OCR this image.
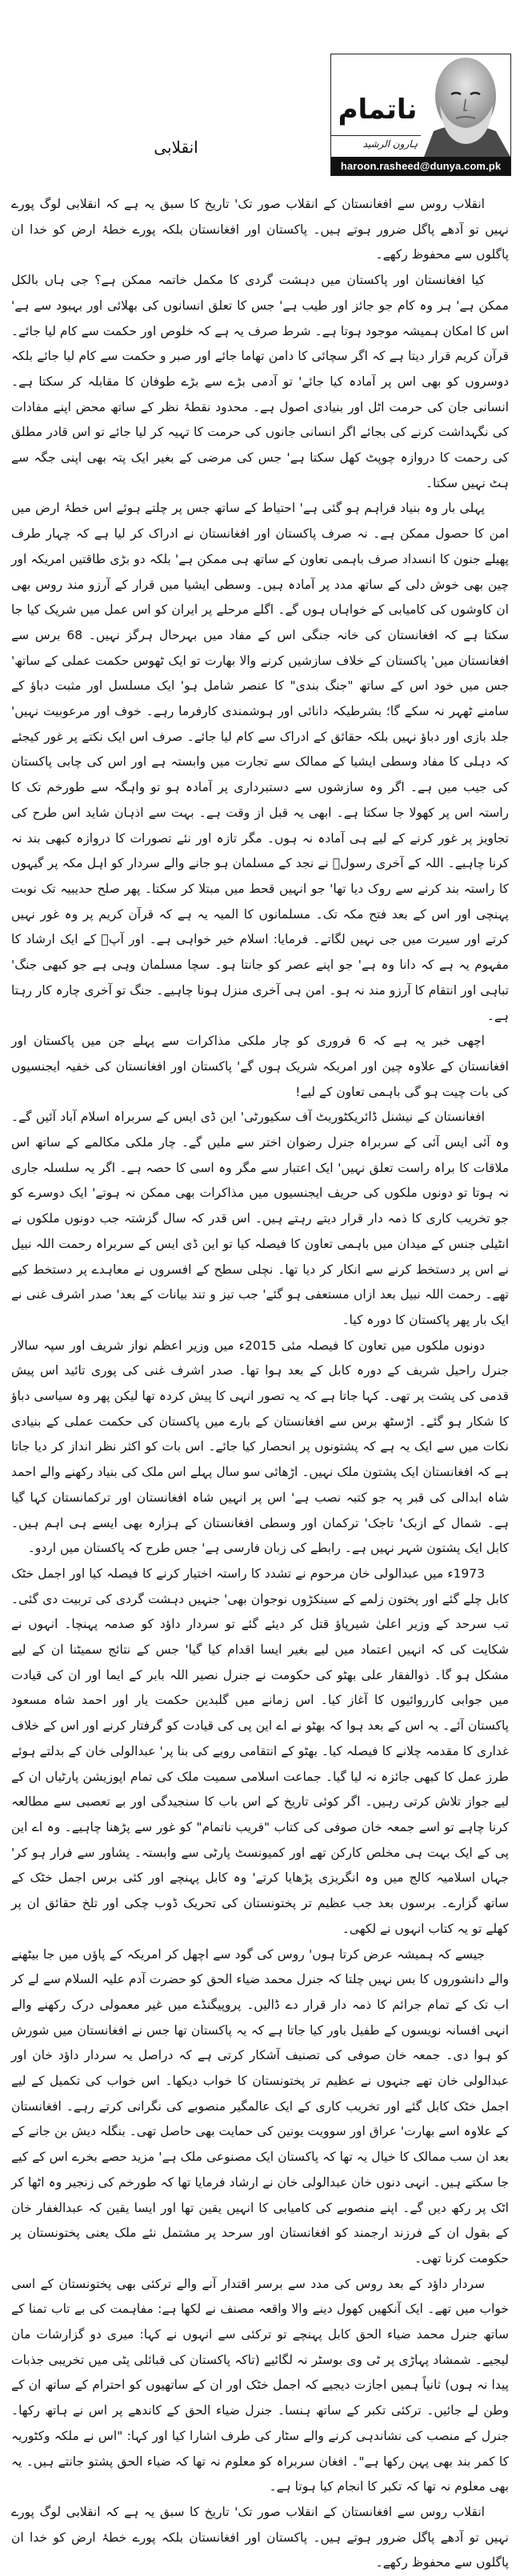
ناتمام
ہارون الرشید
haroon.rasheed@dunya.com.pk
انقلابی

انقلاب روس سے افغانستان کے انقلاب صور تک' تاریخ کا سبق یہ ہے کہ انقلابی لوگ پورے نہیں تو آدھے پاگل ضرور ہوتے ہیں۔ پاکستان اور افغانستان بلکہ پورے خطۂ ارض کو خدا ان پاگلوں سے محفوظ رکھے۔

کیا افغانستان اور پاکستان میں دہشت گردی کا مکمل خاتمہ ممکن ہے؟ جی ہاں بالکل ممکن ہے' ہر وہ کام جو جائز اور طیب ہے' جس کا تعلق انسانوں کی بھلائی اور بہبود سے ہے' اس کا امکان ہمیشہ موجود ہوتا ہے۔ شرط صرف یہ ہے کہ خلوص اور حکمت سے کام لیا جائے۔ قرآن کریم قرار دیتا ہے کہ اگر سچائی کا دامن تھاما جائے اور صبر و حکمت سے کام لیا جائے بلکہ دوسروں کو بھی اس پر آمادہ کیا جائے' تو آدمی بڑے سے بڑے طوفان کا مقابلہ کر سکتا ہے۔ انسانی جان کی حرمت اٹل اور بنیادی اصول ہے۔ محدود نقطۂ نظر کے ساتھ محض اپنے مفادات کی نگہداشت کرنے کی بجائے اگر انسانی جانوں کی حرمت کا تہیہ کر لیا جائے تو اس قادر مطلق کی رحمت کا دروازہ چوپٹ کھل سکتا ہے' جس کی مرضی کے بغیر ایک پتہ بھی اپنی جگہ سے ہٹ نہیں سکتا۔

پہلی بار وہ بنیاد فراہم ہو گئی ہے' احتیاط کے ساتھ جس پر چلتے ہوئے اس خطۂ ارض میں امن کا حصول ممکن ہے۔ نہ صرف پاکستان اور افغانستان نے ادراک کر لیا ہے کہ چہار طرف پھیلے جنون کا انسداد صرف باہمی تعاون کے ساتھ ہی ممکن ہے' بلکہ دو بڑی طاقتیں امریکہ اور چین بھی خوش دلی کے ساتھ مدد پر آمادہ ہیں۔ وسطی ایشیا میں قرار کے آرزو مند روس بھی ان کاوشوں کی کامیابی کے خواہاں ہوں گے۔ اگلے مرحلے پر ایران کو اس عمل میں شریک کیا جا سکتا ہے کہ افغانستان کی خانہ جنگی اس کے مفاد میں بہرحال ہرگز نہیں۔ 68 برس سے افغانستان میں' پاکستان کے خلاف سازشیں کرنے والا بھارت تو ایک ٹھوس حکمت عملی کے ساتھ' جس میں خود اس کے ساتھ "جنگ بندی" کا عنصر شامل ہو' ایک مسلسل اور مثبت دباؤ کے سامنے ٹھہر نہ سکے گا؛ بشرطیکہ دانائی اور ہوشمندی کارفرما رہے۔ خوف اور مرعوبیت نہیں' جلد بازی اور دباؤ نہیں بلکہ حقائق کے ادراک سے کام لیا جائے۔ صرف اس ایک نکتے پر غور کیجئے کہ دہلی کا مفاد وسطی ایشیا کے ممالک سے تجارت میں وابستہ ہے اور اس کی چابی پاکستان کی جیب میں ہے۔ اگر وہ سازشوں سے دستبرداری پر آمادہ ہو تو واہگہ سے طورخم تک کا راستہ اس پر کھولا جا سکتا ہے۔ ابھی یہ قبل از وقت ہے۔ بہت سے اذہان شاید اس طرح کی تجاویز پر غور کرنے کے لیے ہی آمادہ نہ ہوں۔ مگر تازہ اور نئے تصورات کا دروازہ کبھی بند نہ کرنا چاہیے۔ اللہ کے آخری رسولؐ نے نجد کے مسلمان ہو جانے والے سردار کو اہل مکہ پر گیہوں کا راستہ بند کرنے سے روک دیا تھا' جو انہیں قحط میں مبتلا کر سکتا۔ پھر صلح حدیبیہ تک نوبت پہنچی اور اس کے بعد فتح مکہ تک۔ مسلمانوں کا المیہ یہ ہے کہ قرآن کریم پر وہ غور نہیں کرتے اور سیرت میں جی نہیں لگاتے۔ فرمایا: اسلام خیر خواہی ہے۔ اور آپؐ کے ایک ارشاد کا مفہوم یہ ہے کہ دانا وہ ہے' جو اپنے عصر کو جانتا ہو۔ سچا مسلمان وہی ہے جو کبھی جنگ' تباہی اور انتقام کا آرزو مند نہ ہو۔ امن ہی آخری منزل ہونا چاہیے۔ جنگ تو آخری چارہ کار رہتا ہے۔

اچھی خبر یہ ہے کہ 6 فروری کو چار ملکی مذاکرات سے پہلے جن میں پاکستان اور افغانستان کے علاوہ چین اور امریکہ شریک ہوں گے' پاکستان اور افغانستان کی خفیہ ایجنسیوں کی بات چیت ہو گی باہمی تعاون کے لیے!

افغانستان کے نیشنل ڈائریکٹوریٹ آف سکیورٹی' این ڈی ایس کے سربراہ اسلام آباد آئیں گے۔ وہ آئی ایس آئی کے سربراہ جنرل رضوان اختر سے ملیں گے۔ چار ملکی مکالمے کے ساتھ اس ملاقات کا براہ راست تعلق نہیں' ایک اعتبار سے مگر وہ اسی کا حصہ ہے۔ اگر یہ سلسلہ جاری نہ ہوتا تو دونوں ملکوں کی حریف ایجنسیوں میں مذاکرات بھی ممکن نہ ہوتے' ایک دوسرے کو جو تخریب کاری کا ذمہ دار قرار دیتے رہتے ہیں۔ اس قدر کہ سال گزشتہ جب دونوں ملکوں نے انٹیلی جنس کے میدان میں باہمی تعاون کا فیصلہ کیا تو این ڈی ایس کے سربراہ رحمت اللہ نبیل نے اس پر دستخط کرنے سے انکار کر دیا تھا۔ نچلی سطح کے افسروں نے معاہدے پر دستخط کیے تھے۔ رحمت اللہ نبیل بعد ازاں مستعفی ہو گئے' جب تیز و تند بیانات کے بعد' صدر اشرف غنی نے ایک بار پھر پاکستان کا دورہ کیا۔

دونوں ملکوں میں تعاون کا فیصلہ مئی 2015ء میں وزیر اعظم نواز شریف اور سپہ سالار جنرل راحیل شریف کے دورہ کابل کے بعد ہوا تھا۔ صدر اشرف غنی کی پوری تائید اس پیش قدمی کی پشت پر تھی۔ کہا جاتا ہے کہ یہ تصور انہی کا پیش کردہ تھا لیکن پھر وہ سیاسی دباؤ کا شکار ہو گئے۔ اڑسٹھ برس سے افغانستان کے بارے میں پاکستان کی حکمت عملی کے بنیادی نکات میں سے ایک یہ ہے کہ پشتونوں پر انحصار کیا جائے۔ اس بات کو اکثر نظر انداز کر دیا جاتا ہے کہ افغانستان ایک پشتون ملک نہیں۔ اڑھائی سو سال پہلے اس ملک کی بنیاد رکھنے والے احمد شاہ ابدالی کی قبر پہ جو کتبہ نصب ہے' اس پر انہیں شاہ افغانستان اور ترکمانستان کہا گیا ہے۔ شمال کے ازبک' تاجک' ترکمان اور وسطی افغانستان کے ہزارہ بھی ایسے ہی اہم ہیں۔ کابل ایک پشتون شہر نہیں ہے۔ رابطے کی زبان فارسی ہے' جس طرح کہ پاکستان میں اردو۔

1973ء میں عبدالولی خان مرحوم نے تشدد کا راستہ اختیار کرنے کا فیصلہ کیا اور اجمل خٹک کابل چلے گئے اور پختون زلمے کے سینکڑوں نوجوان بھی' جنہیں دہشت گردی کی تربیت دی گئی۔ تب سرحد کے وزیر اعلیٰ شیرپاؤ قتل کر دیئے گئے تو سردار داؤد کو صدمہ پہنچا۔ انہوں نے شکایت کی کہ انہیں اعتماد میں لیے بغیر ایسا اقدام کیا گیا' جس کے نتائج سمیٹنا ان کے لیے مشکل ہو گا۔ ذوالفقار علی بھٹو کی حکومت نے جنرل نصیر اللہ بابر کے ایما اور ان کی قیادت میں جوابی کارروائیوں کا آغاز کیا۔ اس زمانے میں گلبدین حکمت یار اور احمد شاہ مسعود پاکستان آئے۔ یہ اس کے بعد ہوا کہ بھٹو نے اے این پی کی قیادت کو گرفتار کرنے اور اس کے خلاف غداری کا مقدمہ چلانے کا فیصلہ کیا۔ بھٹو کے انتقامی رویے کی بنا پر' عبدالولی خان کے بدلتے ہوئے طرز عمل کا کبھی جائزہ نہ لیا گیا۔ جماعت اسلامی سمیت ملک کی تمام اپوزیشن پارٹیاں ان کے لیے جواز تلاش کرتی رہیں۔ اگر کوئی تاریخ کے اس باب کا سنجیدگی اور بے تعصبی سے مطالعہ کرنا چاہے تو اسے جمعہ خان صوفی کی کتاب "فریب ناتمام" کو غور سے پڑھنا چاہیے۔ وہ اے این پی کے ایک بہت ہی مخلص کارکن تھے اور کمیونسٹ پارٹی سے وابستہ۔ پشاور سے فرار ہو کر' جہاں اسلامیہ کالج میں وہ انگریزی پڑھایا کرتے' وہ کابل پہنچے اور کئی برس اجمل خٹک کے ساتھ گزارے۔ برسوں بعد جب عظیم تر پختونستان کی تحریک ڈوب چکی اور تلخ حقائق ان پر کھلے تو یہ کتاب انہوں نے لکھی۔

جیسے کہ ہمیشہ عرض کرتا ہوں' روس کی گود سے اچھل کر امریکہ کے پاؤں میں جا بیٹھنے والے دانشوروں کا بس نہیں چلتا کہ جنرل محمد ضیاء الحق کو حضرت آدم علیہ السلام سے لے کر اب تک کے تمام جرائم کا ذمہ دار قرار دے ڈالیں۔ پروپیگنڈے میں غیر معمولی درک رکھنے والے انہی افسانہ نویسوں کے طفیل باور کیا جاتا ہے کہ یہ پاکستان تھا جس نے افغانستان میں شورش کو ہوا دی۔ جمعہ خان صوفی کی تصنیف آشکار کرتی ہے کہ دراصل یہ سردار داؤد خان اور عبدالولی خان تھے جنہوں نے عظیم تر پختونستان کا خواب دیکھا۔ اس خواب کی تکمیل کے لیے اجمل خٹک کابل گئے اور تخریب کاری کے ایک عالمگیر منصوبے کی نگرانی کرتے رہے۔ افغانستان کے علاوہ اسے بھارت' عراق اور سوویت یونین کی حمایت بھی حاصل تھی۔ بنگلہ دیش بن جانے کے بعد ان سب ممالک کا خیال یہ تھا کہ پاکستان ایک مصنوعی ملک ہے' مزید حصے بخرے اس کے کیے جا سکتے ہیں۔ انہی دنوں خان عبدالولی خان نے ارشاد فرمایا تھا کہ طورخم کی زنجیر وہ اٹھا کر اٹک پر رکھ دیں گے۔ اپنے منصوبے کی کامیابی کا انہیں یقین تھا اور ایسا یقین کہ عبدالغفار خان کے بقول ان کے فرزند ارجمند کو افغانستان اور سرحد پر مشتمل نئے ملک یعنی پختونستان پر حکومت کرنا تھی۔

سردار داؤد کے بعد روس کی مدد سے برسر اقتدار آنے والے ترکئی بھی پختونستان کے اسی خواب میں تھے۔ ایک آنکھیں کھول دینے والا واقعہ مصنف نے لکھا ہے: مفاہمت کی بے تاب تمنا کے ساتھ جنرل محمد ضیاء الحق کابل پہنچے تو ترکئی سے انہوں نے کہا: میری دو گزارشات مان لیجیے۔ شمشاد پہاڑی پر ٹی وی بوسٹر نہ لگائیے (تاکہ پاکستان کی قبائلی پٹی میں تخریبی جذبات پیدا نہ ہوں) ثانیاً ہمیں اجازت دیجیے کہ اجمل خٹک اور ان کے ساتھیوں کو احترام کے ساتھ ان کے وطن لے جائیں۔ ترکئی تکبر کے ساتھ ہنسا۔ جنرل ضیاء الحق کے کاندھے پر اس نے ہاتھ رکھا۔ جنرل کے منصب کی نشاندہی کرنے والے سٹار کی طرف اشارا کیا اور کہا: "اس نے ملکہ وکٹوریہ کا کمر بند بھی پہن رکھا ہے"۔ افغان سربراہ کو معلوم نہ تھا کہ ضیاء الحق پشتو جانتے ہیں۔ یہ بھی معلوم نہ تھا کہ تکبر کا انجام کیا ہوتا ہے۔

انقلاب روس سے افغانستان کے انقلاب صور تک' تاریخ کا سبق یہ ہے کہ انقلابی لوگ پورے نہیں تو آدھے پاگل ضرور ہوتے ہیں۔ پاکستان اور افغانستان بلکہ پورے خطۂ ارض کو خدا ان پاگلوں سے محفوظ رکھے۔
